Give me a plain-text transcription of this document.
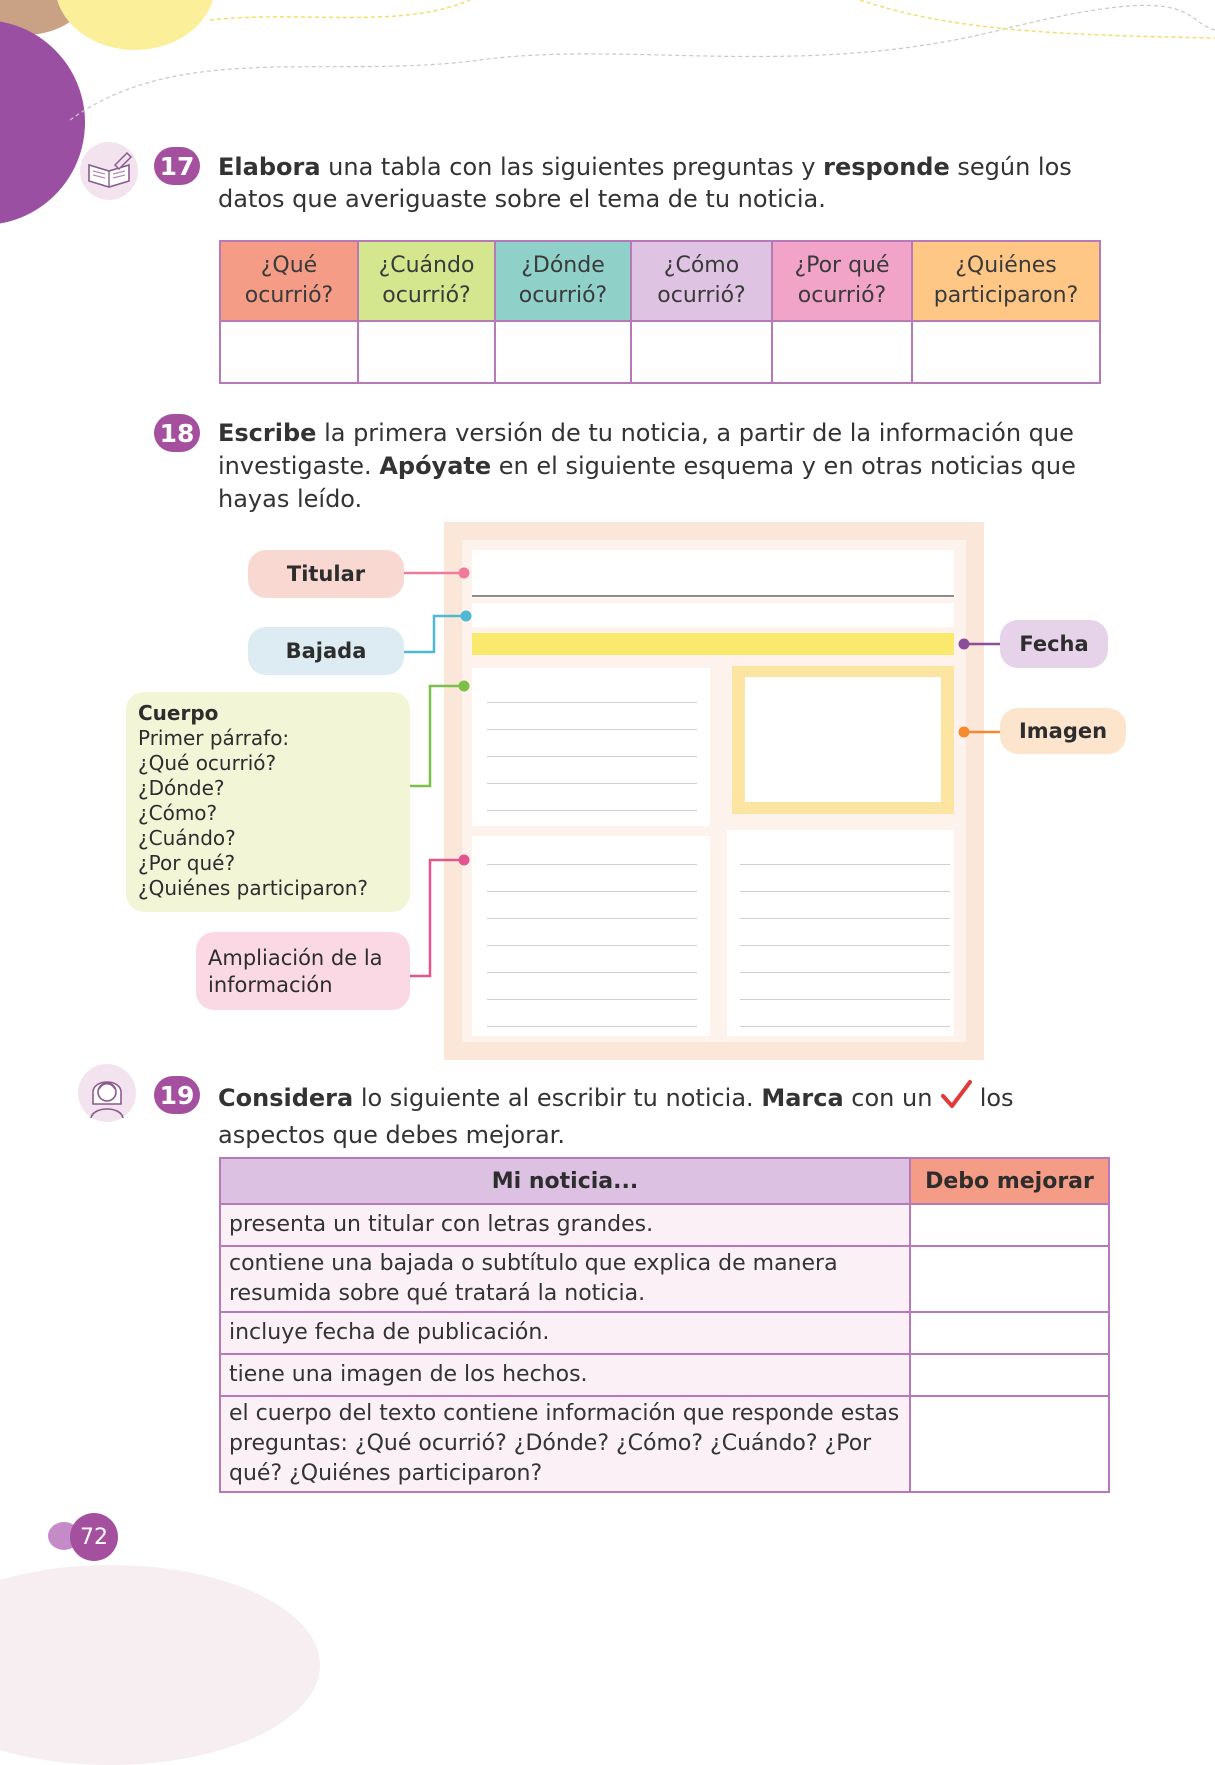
17 Elabora una tabla con las siguientes preguntas y responde según los datos que averiguaste sobre el tema de tu noticia.
¿Qué ocurrió?	¿Cuándo ocurrió?	¿Dónde ocurrió?	¿Cómo ocurrió?	¿Por qué ocurrió?	¿Quiénes participaron?

18 Escribe la primera versión de tu noticia, a partir de la información que investigaste. Apóyate en el siguiente esquema y en otras noticias que hayas leído.
Titular
Bajada	Fecha
Imagen
Cuerpo
Primer párrafo:
¿Qué ocurrió?
¿Dónde?
¿Cómo?
¿Cuándo?
¿Por qué?
¿Quiénes participaron?
Ampliación de la información
19 Considera lo siguiente al escribir tu noticia. Marca con un  los aspectos que debes mejorar.
Mi noticia...	Debo mejorar
presenta un titular con letras grandes.	
contiene una bajada o subtítulo que explica de manera resumida sobre qué tratará la noticia.	
incluye fecha de publicación.	
tiene una imagen de los hechos.	
el cuerpo del texto contiene información que responde estas preguntas: ¿Qué ocurrió? ¿Dónde? ¿Cómo? ¿Cuándo? ¿Por qué? ¿Quiénes participaron?	
72
